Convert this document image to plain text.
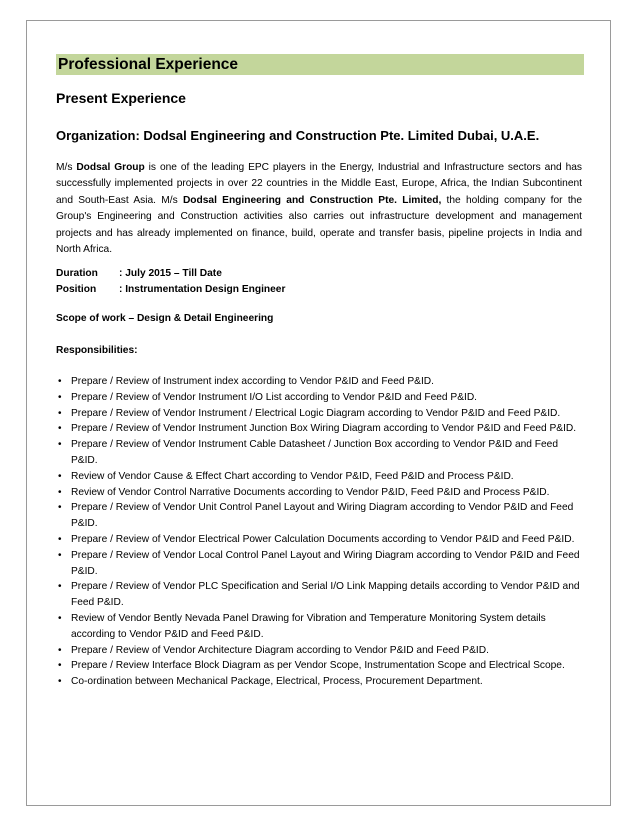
Professional Experience
Present Experience
Organization: Dodsal Engineering and Construction Pte. Limited Dubai, U.A.E.

M/s Dodsal Group is one of the leading EPC players in the Energy, Industrial and Infrastructure sectors and has successfully implemented projects in over 22 countries in the Middle East, Europe, Africa, the Indian Subcontinent and South-East Asia. M/s Dodsal Engineering and Construction Pte. Limited, the holding company for the Group's Engineering and Construction activities also carries out infrastructure development and management projects and has already implemented on finance, build, operate and transfer basis, pipeline projects in India and North Africa.

Duration : July 2015 – Till Date
Position : Instrumentation Design Engineer
Scope of work – Design & Detail Engineering
Responsibilities:
• Prepare / Review of Instrument index according to Vendor P&ID and Feed P&ID.
• Prepare / Review of Vendor Instrument I/O List according to Vendor P&ID and Feed P&ID.
• Prepare / Review of Vendor Instrument / Electrical Logic Diagram according to Vendor P&ID and Feed P&ID.
• Prepare / Review of Vendor Instrument Junction Box Wiring Diagram according to Vendor P&ID and Feed P&ID.
• Prepare / Review of Vendor Instrument Cable Datasheet / Junction Box according to Vendor P&ID and Feed P&ID.
• Review of Vendor Cause & Effect Chart according to Vendor P&ID, Feed P&ID and Process P&ID.
• Review of Vendor Control Narrative Documents according to Vendor P&ID, Feed P&ID and Process P&ID.
• Prepare / Review of Vendor Unit Control Panel Layout and Wiring Diagram according to Vendor P&ID and Feed P&ID.
• Prepare / Review of Vendor Electrical Power Calculation Documents according to Vendor P&ID and Feed P&ID.
• Prepare / Review of Vendor Local Control Panel Layout and Wiring Diagram according to Vendor P&ID and Feed P&ID.
• Prepare / Review of Vendor PLC Specification and Serial I/O Link Mapping details according to Vendor P&ID and Feed P&ID.
• Review of Vendor Bently Nevada Panel Drawing for Vibration and Temperature Monitoring System details according to Vendor P&ID and Feed P&ID.
• Prepare / Review of Vendor Architecture Diagram according to Vendor P&ID and Feed P&ID.
• Prepare / Review Interface Block Diagram as per Vendor Scope, Instrumentation Scope and Electrical Scope.
• Co-ordination between Mechanical Package, Electrical, Process, Procurement Department.
